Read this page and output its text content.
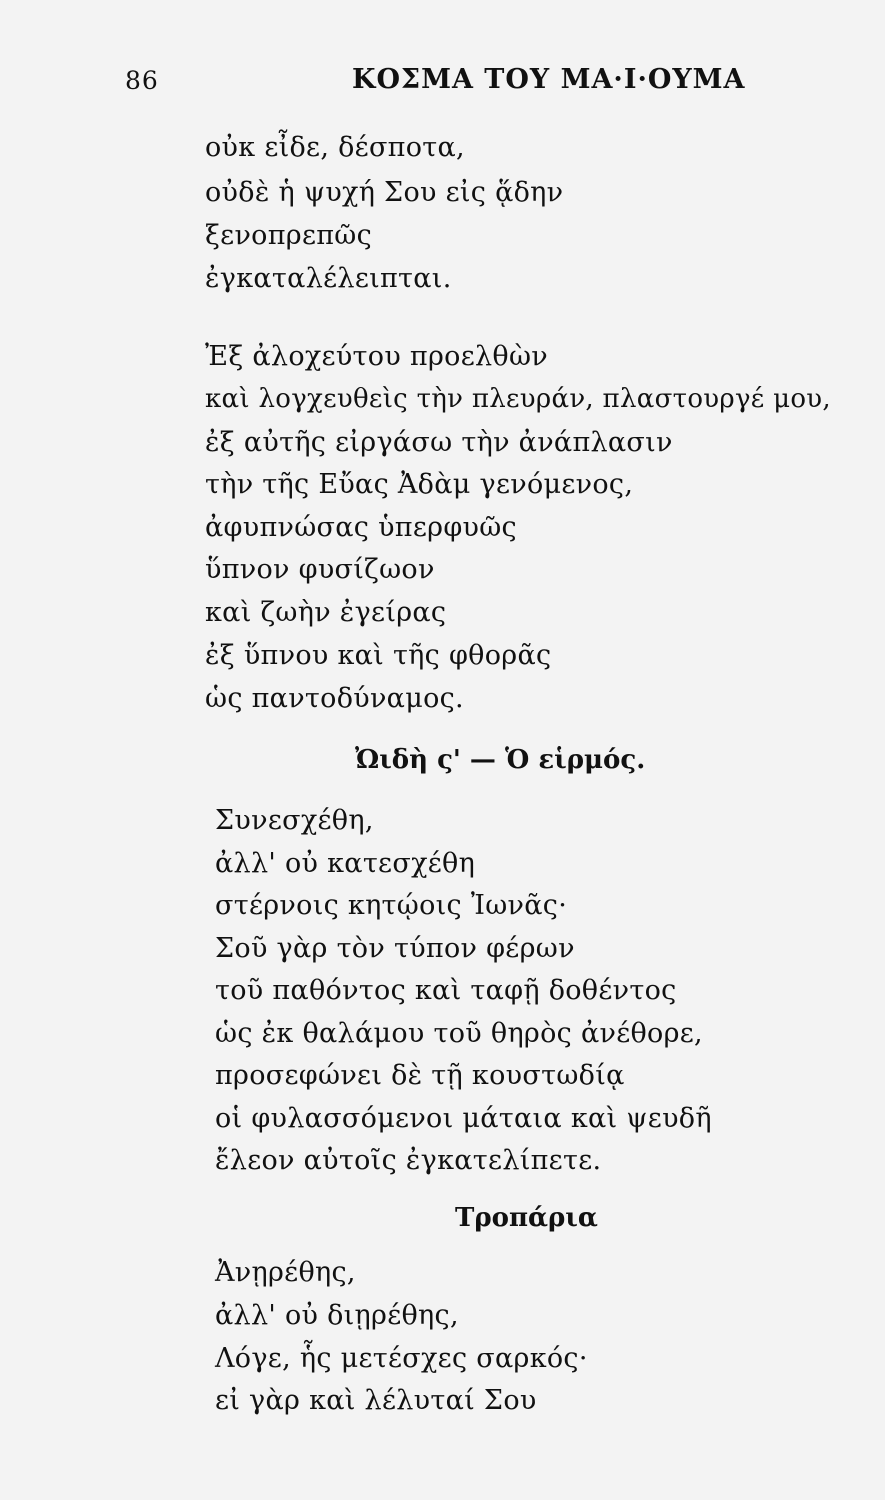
86	ΚΟΣΜΑ ΤΟΥ ΜΑ·Ι·ΟΥΜΑ
οὐκ εἶδε, δέσποτα,
οὐδὲ ἡ ψυχή Σου εἰς ᾅδην
ξενοπρεπῶς
ἐγκαταλέλειπται.
Ἐξ ἀλοχεύτου προελθὼν
καὶ λογχευθεὶς τὴν πλευράν, πλαστουργέ μου,
ἐξ αὐτῆς εἰργάσω τὴν ἀνάπλασιν
τὴν τῆς Εὔας Ἀδὰμ γενόμενος,
ἀφυπνώσας ὑπερφυῶς
ὕπνον φυσίζωον
καὶ ζωὴν ἐγείρας
ἐξ ὕπνου καὶ τῆς φθορᾶς
ὡς παντοδύναμος.
Ὠιδὴ ς' — Ὁ εἱρμός.
Συνεσχέθη,
ἀλλ' οὐ κατεσχέθη
στέρνοις κητῴοις Ἰωνᾶς·
Σοῦ γὰρ τὸν τύπον φέρων
τοῦ παθόντος καὶ ταφῇ δοθέντος
ὡς ἐκ θαλάμου τοῦ θηρὸς ἀνέθορε,
προσεφώνει δὲ τῇ κουστωδίᾳ
οἱ φυλασσόμενοι μάταια καὶ ψευδῆ
ἔλεον αὐτοῖς ἐγκατελίπετε.
Τροπάρια
Ἀνῃρέθης,
ἀλλ' οὐ διῃρέθης,
Λόγε, ἧς μετέσχες σαρκός·
εἰ γὰρ καὶ λέλυταί Σου
